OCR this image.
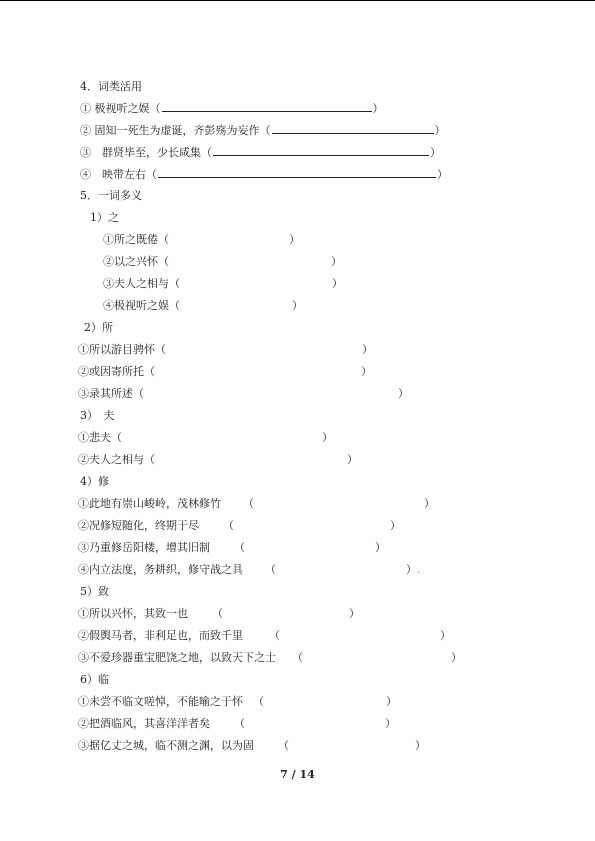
4．词类活用
① 极视听之娱（	）
② 固知一死生为虚诞，齐彭殇为妄作（	）
③　群贤毕至，少长咸集（	）
④　映带左右（	）
5．一词多义
1）之
①所之既倦（	）
②以之兴怀（	）
③夫人之相与（	）
④极视听之娱（	）
2）所
①所以游目骋怀（	）
②或因寄所托（	）
③录其所述（	）
3）　夫
①悲夫（	）
②夫人之相与（	）
4）修
①此地有崇山峻岭，茂林修竹 （	）
②况修短随化，终期于尽 （	）
③乃重修岳阳楼，增其旧制 （	）
④内立法度，务耕织，修守战之具 （	）.
5）致
①所以兴怀，其致一也 （	）
②假舆马者，非利足也，而致千里 （	）
③不爱珍器重宝肥饶之地，以致天下之士 （	）
6）临
①未尝不临文嗟悼，不能喻之于怀 （	）
②把酒临风，其喜洋洋者矣 （	）
③据亿丈之城，临不测之渊，以为固 （	）
7 / 14
